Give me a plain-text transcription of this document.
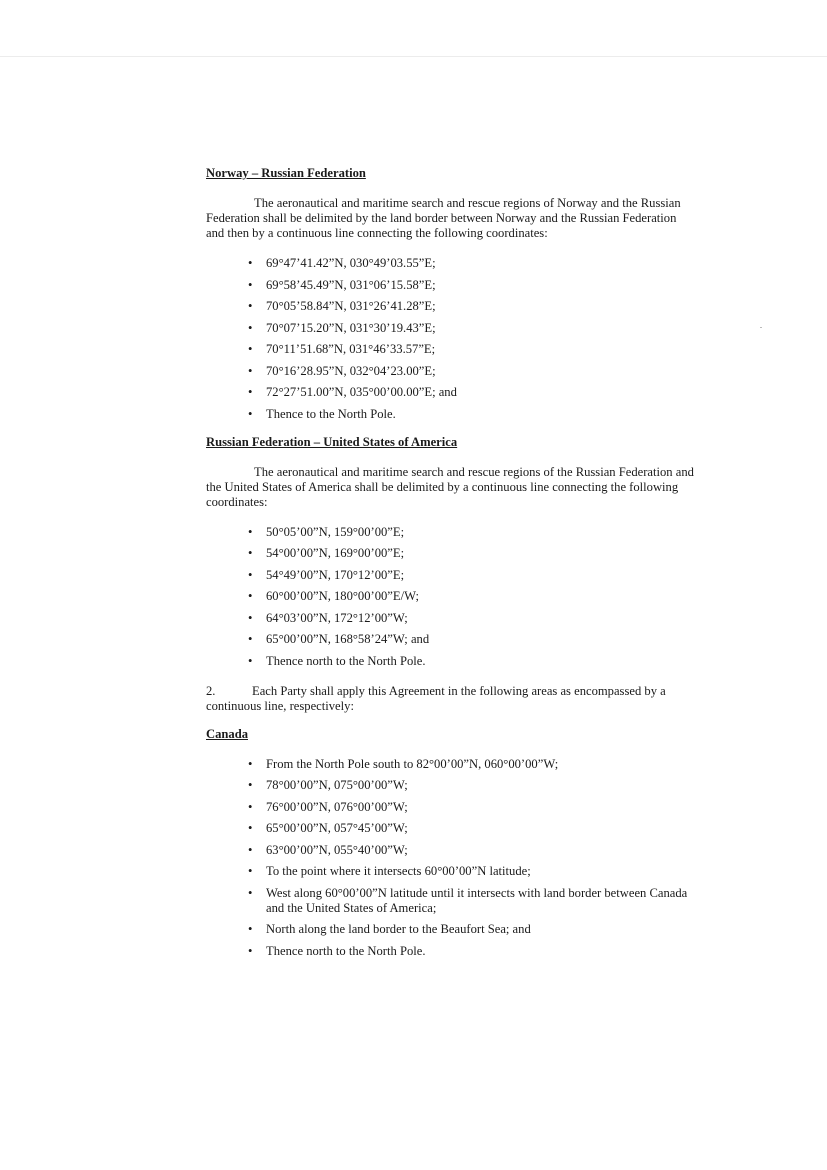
Norway – Russian Federation

The aeronautical and maritime search and rescue regions of Norway and the Russian Federation shall be delimited by the land border between Norway and the Russian Federation and then by a continuous line connecting the following coordinates:

• 69°47’41.42”N, 030°49’03.55”E;
• 69°58’45.49”N, 031°06’15.58”E;
• 70°05’58.84”N, 031°26’41.28”E;
• 70°07’15.20”N, 031°30’19.43”E;
• 70°11’51.68”N, 031°46’33.57”E;
• 70°16’28.95”N, 032°04’23.00”E;
• 72°27’51.00”N, 035°00’00.00”E; and
• Thence to the North Pole.

Russian Federation – United States of America

The aeronautical and maritime search and rescue regions of the Russian Federation and the United States of America shall be delimited by a continuous line connecting the following coordinates:

• 50°05’00”N, 159°00’00”E;
• 54°00’00”N, 169°00’00”E;
• 54°49’00”N, 170°12’00”E;
• 60°00’00”N, 180°00’00”E/W;
• 64°03’00”N, 172°12’00”W;
• 65°00’00”N, 168°58’24”W; and
• Thence north to the North Pole.

2.	Each Party shall apply this Agreement in the following areas as encompassed by a continuous line, respectively:

Canada

• From the North Pole south to 82°00’00”N, 060°00’00”W;
• 78°00’00”N, 075°00’00”W;
• 76°00’00”N, 076°00’00”W;
• 65°00’00”N, 057°45’00”W;
• 63°00’00”N, 055°40’00”W;
• To the point where it intersects 60°00’00”N latitude;
• West along 60°00’00”N latitude until it intersects with land border between Canada and the United States of America;
• North along the land border to the Beaufort Sea; and
• Thence north to the North Pole.
